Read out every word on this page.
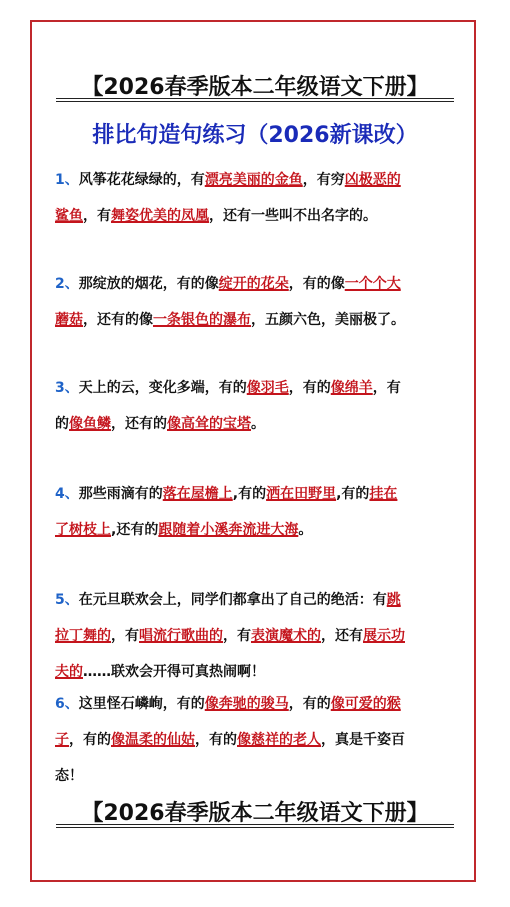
【2026春季版本二年级语文下册】
排比句造句练习（2026新课改）
1、风筝花花绿绿的，有漂亮美丽的金鱼，有穷凶极恶的
鲨鱼，有舞姿优美的凤凰，还有一些叫不出名字的。
2、那绽放的烟花，有的像绽开的花朵，有的像一个个大
蘑菇，还有的像一条银色的瀑布，五颜六色，美丽极了。
3、天上的云，变化多端，有的像羽毛，有的像绵羊，有
的像鱼鳞，还有的像高耸的宝塔。
4、那些雨滴有的落在屋檐上,有的洒在田野里,有的挂在
了树枝上,还有的跟随着小溪奔流进大海。
5、在元旦联欢会上，同学们都拿出了自己的绝活：有跳
拉丁舞的，有唱流行歌曲的，有表演魔术的，还有展示功
夫的……联欢会开得可真热闹啊！
6、这里怪石嶙峋，有的像奔驰的骏马，有的像可爱的猴
子，有的像温柔的仙姑，有的像慈祥的老人，真是千姿百
态！
【2026春季版本二年级语文下册】
